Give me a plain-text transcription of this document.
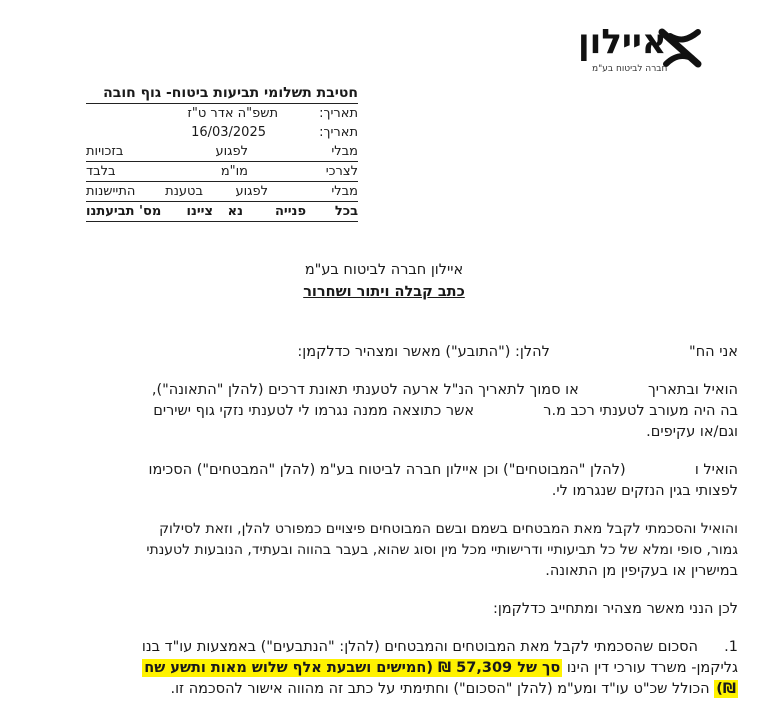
איילון
חברה לביטוח בע"מ
חטיבת תשלומי תביעות ביטוח- גוף חובה
תאריך:
תשפ"ה אדר ט"ז
תאריך:
16/03/2025
מבלי
לפגוע
בזכויות
לצרכי
מו"מ
בלבד
מבלי
לפגוע
בטענת
התיישנות
בכל
פנייה
נא
ציינו
מס' תביעתנו
איילון חברה לביטוח בע"מ
כתב קבלה ויתור ושחרור
אני הח"  להלן: ("התובע") מאשר ומצהיר כדלקמן:
הואיל ובתאריך  או סמוך לתאריך הנ"ל ארעה לטענתי תאונת דרכים (להלן "התאונה"),
בה היה מעורב לטענתי רכב מ.ר  אשר כתוצאה ממנה נגרמו לי לטענתי נזקי גוף ישירים
וגם/או עקיפים.
הואיל ו  (להלן "המבוטחים") וכן איילון חברה לביטוח בע"מ (להלן "המבטחים") הסכימו
לפצותי בגין הנזקים שנגרמו לי.
והואיל והסכמתי לקבל מאת המבטחים בשמם ובשם המבוטחים פיצויים כמפורט להלן, וזאת לסילוק
גמור, סופי ומלא של כל תביעותיי ודרישותיי מכל מין וסוג שהוא, בעבר בהווה ובעתיד, הנובעות לטענתי
במישרין או בעקיפין מן התאונה.
לכן הנני מאשר מצהיר ומתחייב כדלקמן:
1.
הסכום שהסכמתי לקבל מאת המבוטחים והמבטחים (להלן: "הנתבעים") באמצעות עו"ד בנו
גליקמן- משרד עורכי דין הינו סך של 57,309 ₪ (חמישים ושבעת אלף שלוש מאות ותשע שח
₪) הכולל שכ"ט עו"ד ומע"מ (להלן "הסכום") וחתימתי על כתב זה מהווה אישור להסכמה זו.
